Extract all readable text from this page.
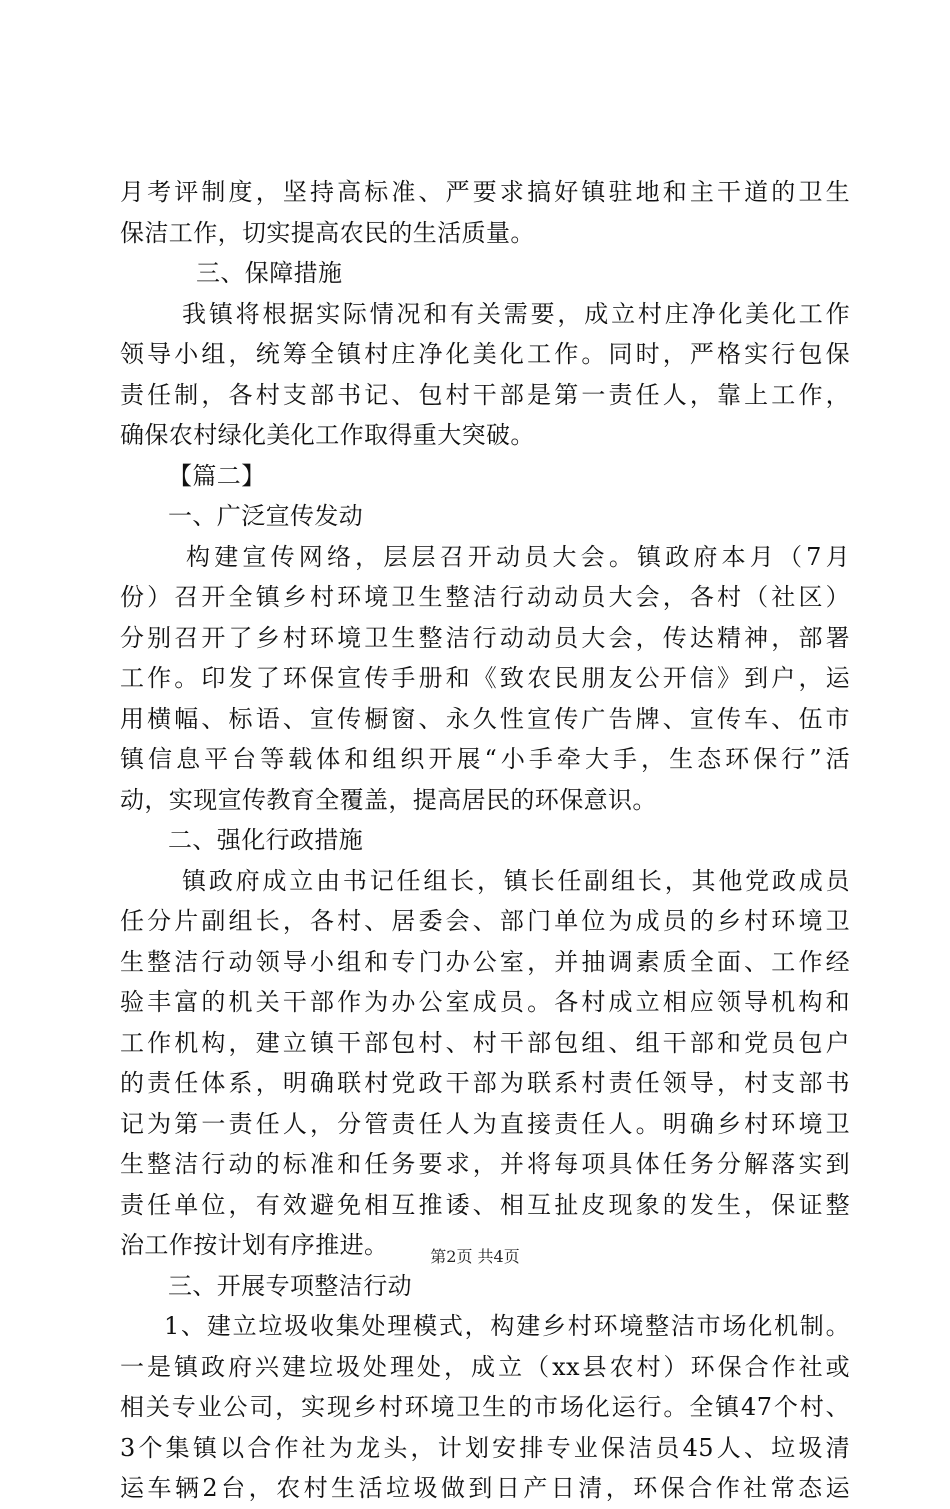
月考评制度，坚持高标准、严要求搞好镇驻地和主干道的卫生
保洁工作，切实提高农民的生活质量。
三、保障措施
我镇将根据实际情况和有关需要，成立村庄净化美化工作
领导小组，统筹全镇村庄净化美化工作。同时，严格实行包保
责任制，各村支部书记、包村干部是第一责任人，靠上工作，
确保农村绿化美化工作取得重大突破。
【篇二】
一、广泛宣传发动
构建宣传网络，层层召开动员大会。镇政府本月（7月
份）召开全镇乡村环境卫生整洁行动动员大会，各村（社区）
分别召开了乡村环境卫生整洁行动动员大会，传达精神，部署
工作。印发了环保宣传手册和《致农民朋友公开信》到户，运
用横幅、标语、宣传橱窗、永久性宣传广告牌、宣传车、伍市
镇信息平台等载体和组织开展“小手牵大手，生态环保行”活
动，实现宣传教育全覆盖，提高居民的环保意识。
二、强化行政措施
镇政府成立由书记任组长，镇长任副组长，其他党政成员
任分片副组长，各村、居委会、部门单位为成员的乡村环境卫
生整洁行动领导小组和专门办公室，并抽调素质全面、工作经
验丰富的机关干部作为办公室成员。各村成立相应领导机构和
工作机构，建立镇干部包村、村干部包组、组干部和党员包户
的责任体系，明确联村党政干部为联系村责任领导，村支部书
记为第一责任人，分管责任人为直接责任人。明确乡村环境卫
生整洁行动的标准和任务要求，并将每项具体任务分解落实到
责任单位，有效避免相互推诿、相互扯皮现象的发生，保证整
治工作按计划有序推进。
三、开展专项整洁行动
1、建立垃圾收集处理模式，构建乡村环境整洁市场化机制。
一是镇政府兴建垃圾处理处，成立（xx县农村）环保合作社或
相关专业公司，实现乡村环境卫生的市场化运行。全镇47个村、
3个集镇以合作社为龙头，计划安排专业保洁员45人、垃圾清
运车辆2台，农村生活垃圾做到日产日清，环保合作社常态运
第2页 共4页
